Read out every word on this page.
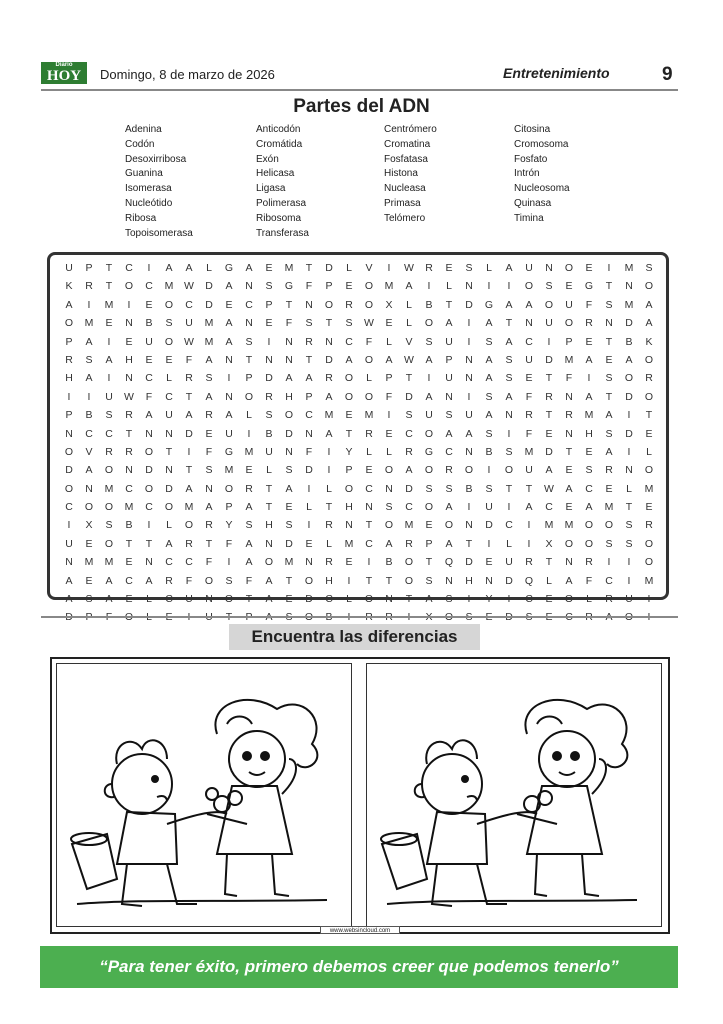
Diario
HOY	Domingo, 8 de marzo de 2026	Entretenimiento	9
Partes del ADN
Adenina	Anticodón	Centrómero	Citosina
Codón	Cromátida	Cromatina	Cromosoma
Desoxirribosa	Exón	Fosfatasa	Fosfato
Guanina	Helicasa	Histona	Intrón
Isomerasa	Ligasa	Nucleasa	Nucleosoma
Nucleótido	Polimerasa	Primasa	Quinasa
Ribosa	Ribosoma	Telómero	Timina
Topoisomerasa	Transferasa
U	P	T	C	I	A	A	L	G	A	E	M	T	D	L	V	I	W	R	E	S	L	A	U	N	O	E	I	M	S
K	R	T	O	C	M	W	D	A	N	S	G	F	P	E	O	M	A	I	L	N	I	I	O	S	E	G	T	N	O
A	I	M	I	E	O	C	D	E	C	P	T	N	O	R	O	X	L	B	T	D	G	A	A	O	U	F	S	M	A
O	M	E	N	B	S	U	M	A	N	E	F	S	T	S	W	E	L	O	A	I	A	T	N	U	O	R	N	D	A
P	A	I	E	U	O	W	M	A	S	I	N	R	N	C	F	L	V	S	U	I	S	A	C	I	P	E	T	B	K
R	S	A	H	E	E	F	A	N	T	N	N	T	D	A	O	A	W	A	P	N	A	S	U	D	M	A	E	A	O
H	A	I	N	C	L	R	S	I	P	D	A	A	R	O	L	P	T	I	U	N	A	S	E	T	F	I	S	O	R
I	I	U	W	F	C	T	A	N	O	R	H	P	A	O	O	F	D	A	N	I	S	A	F	R	N	A	T	D	O
P	B	S	R	A	U	A	R	A	L	S	O	C	M	E	M	I	S	U	S	U	A	N	R	T	R	M	A	I	T
N	C	C	T	N	N	D	E	U	I	B	D	N	A	T	R	E	C	O	A	A	S	I	F	E	N	H	S	D	E
O	V	R	R	O	T	I	F	G	M	U	N	F	I	Y	L	L	R	G	C	N	B	S	M	D	T	E	A	I	L
D	A	O	N	D	N	T	S	M	E	L	S	D	I	P	E	O	A	O	R	O	I	O	U	A	E	S	R	N	O
O	N	M	C	O	D	A	N	O	R	T	A	I	L	O	C	N	D	S	S	B	S	T	T	W	A	C	E	L	M
C	O	O	M	C	O	M	A	P	A	T	E	L	T	H	N	S	C	O	A	I	U	I	A	C	E	A	M	T	E
I	X	S	B	I	L	O	R	Y	S	H	S	I	R	N	T	O	M	E	O	N	D	C	I	M	M	O	O	S	R
U	E	O	T	T	A	R	T	F	A	N	D	E	L	M	C	A	R	P	A	T	I	L	I	X	O	O	S	S	O
N	M	M	E	N	C	C	F	I	A	O	M	N	R	E	I	B	O	T	Q	D	E	U	R	T	N	R	I	I	O
A	E	A	C	A	R	F	O	S	F	A	T	O	H	I	T	T	O	S	N	H	N	D	Q	L	A	F	C	I	M
A	S	A	E	L	C	U	N	O	T	A	E	D	C	L	O	N	T	A	S	I	Y	I	C	E	O	L	R	U	I
Encuentra las diferencias
www.websincloud.com
“Para tener éxito, primero debemos creer que podemos tenerlo”
